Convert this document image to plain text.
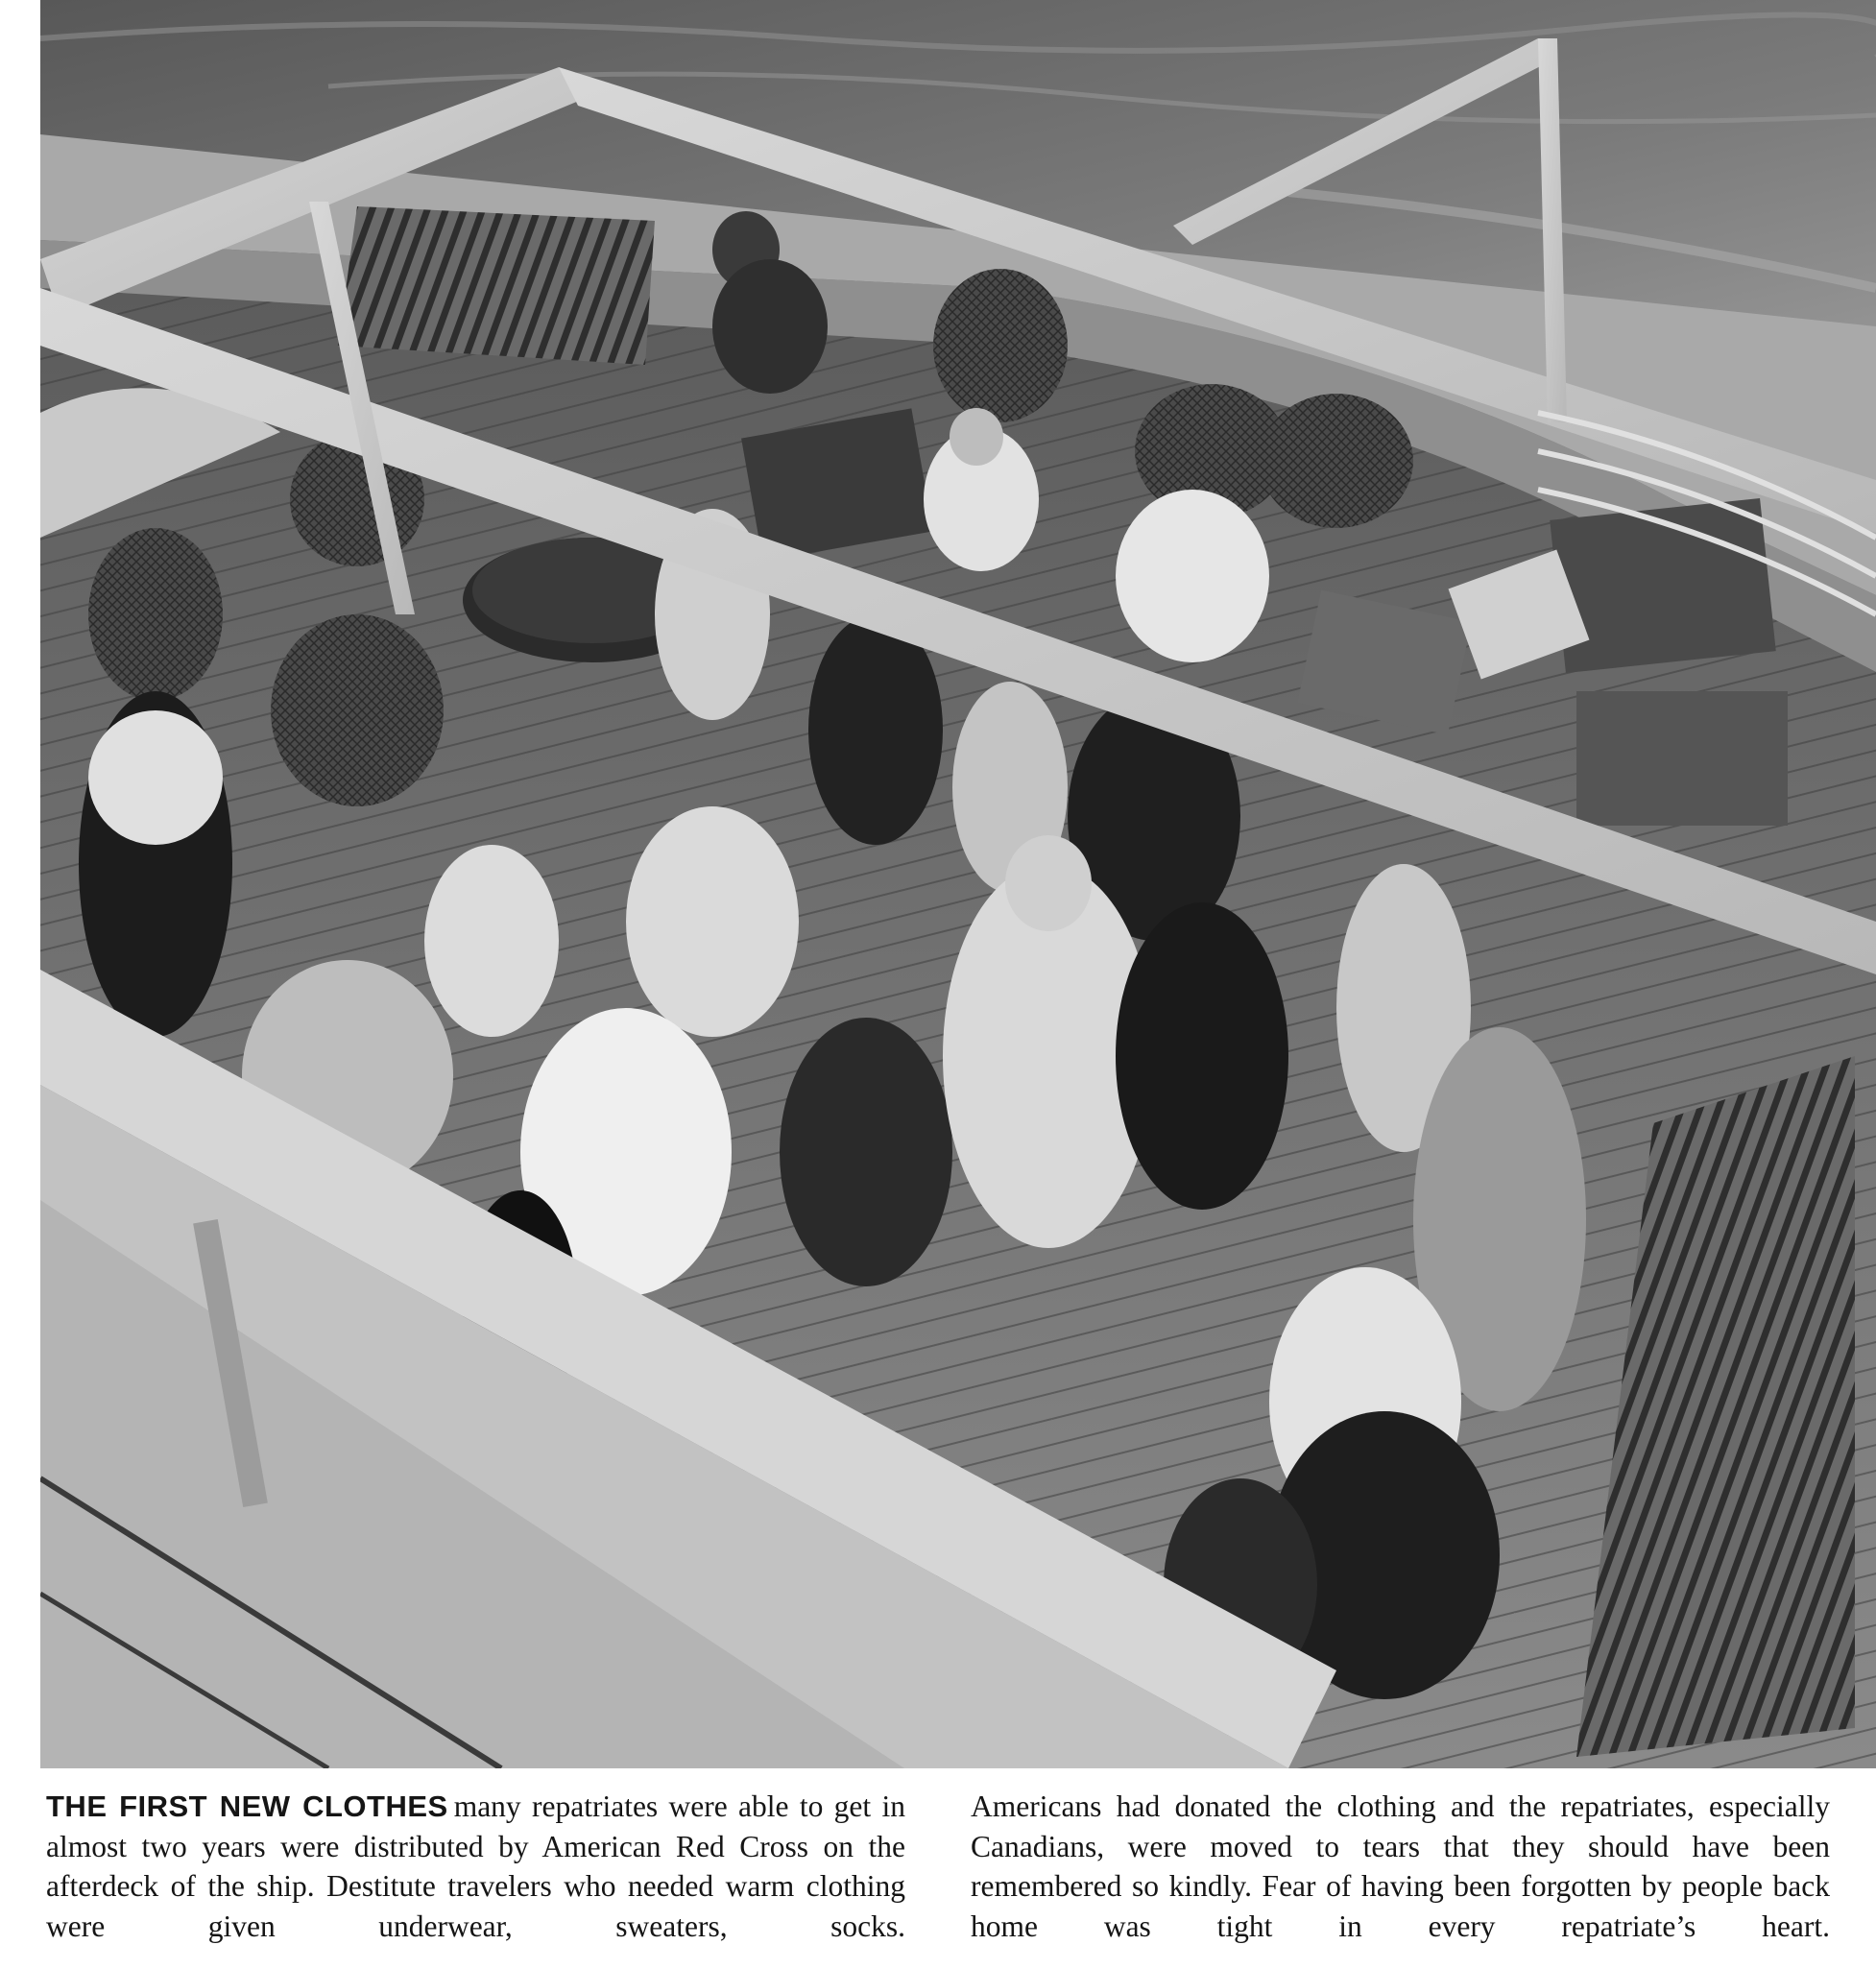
THE FIRST NEW CLOTHES many repatriates were able to get in almost two years were distributed by American Red Cross on the afterdeck of the ship. Destitute travelers who needed warm clothing were given underwear, sweaters, socks.
Americans had donated the clothing and the repatriates, especially Canadians, were moved to tears that they should have been remembered so kindly. Fear of having been forgotten by people back home was tight in every repatriate’s heart.
